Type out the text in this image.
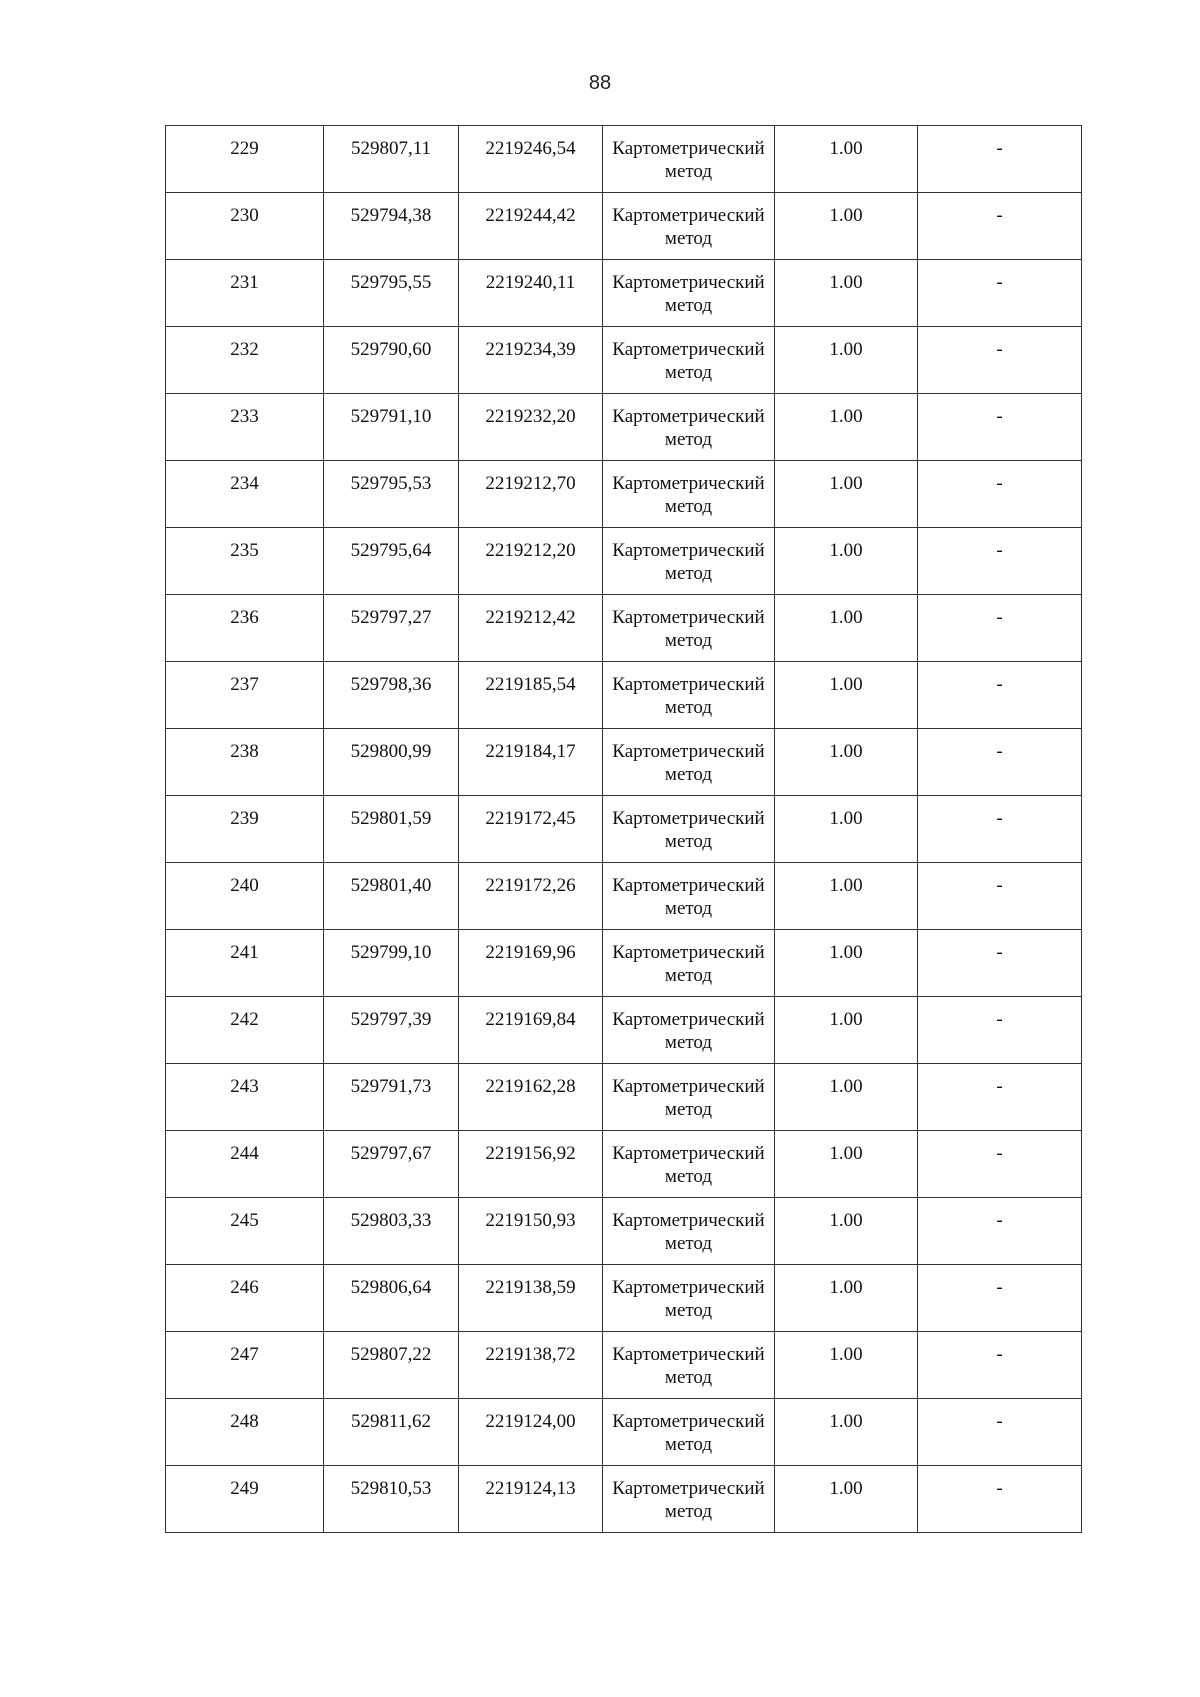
88
229	529807,11	2219246,54	Картометрический
метод	1.00	-

230	529794,38	2219244,42	Картометрический
метод	1.00	-

231	529795,55	2219240,11	Картометрический
метод	1.00	-

232	529790,60	2219234,39	Картометрический
метод	1.00	-

233	529791,10	2219232,20	Картометрический
метод	1.00	-

234	529795,53	2219212,70	Картометрический
метод	1.00	-

235	529795,64	2219212,20	Картометрический
метод	1.00	-

236	529797,27	2219212,42	Картометрический
метод	1.00	-

237	529798,36	2219185,54	Картометрический
метод	1.00	-

238	529800,99	2219184,17	Картометрический
метод	1.00	-

239	529801,59	2219172,45	Картометрический
метод	1.00	-

240	529801,40	2219172,26	Картометрический
метод	1.00	-

241	529799,10	2219169,96	Картометрический
метод	1.00	-

242	529797,39	2219169,84	Картометрический
метод	1.00	-

243	529791,73	2219162,28	Картометрический
метод	1.00	-

244	529797,67	2219156,92	Картометрический
метод	1.00	-

245	529803,33	2219150,93	Картометрический
метод	1.00	-

246	529806,64	2219138,59	Картометрический
метод	1.00	-

247	529807,22	2219138,72	Картометрический
метод	1.00	-

248	529811,62	2219124,00	Картометрический
метод	1.00	-

249	529810,53	2219124,13	Картометрический
метод	1.00	-
